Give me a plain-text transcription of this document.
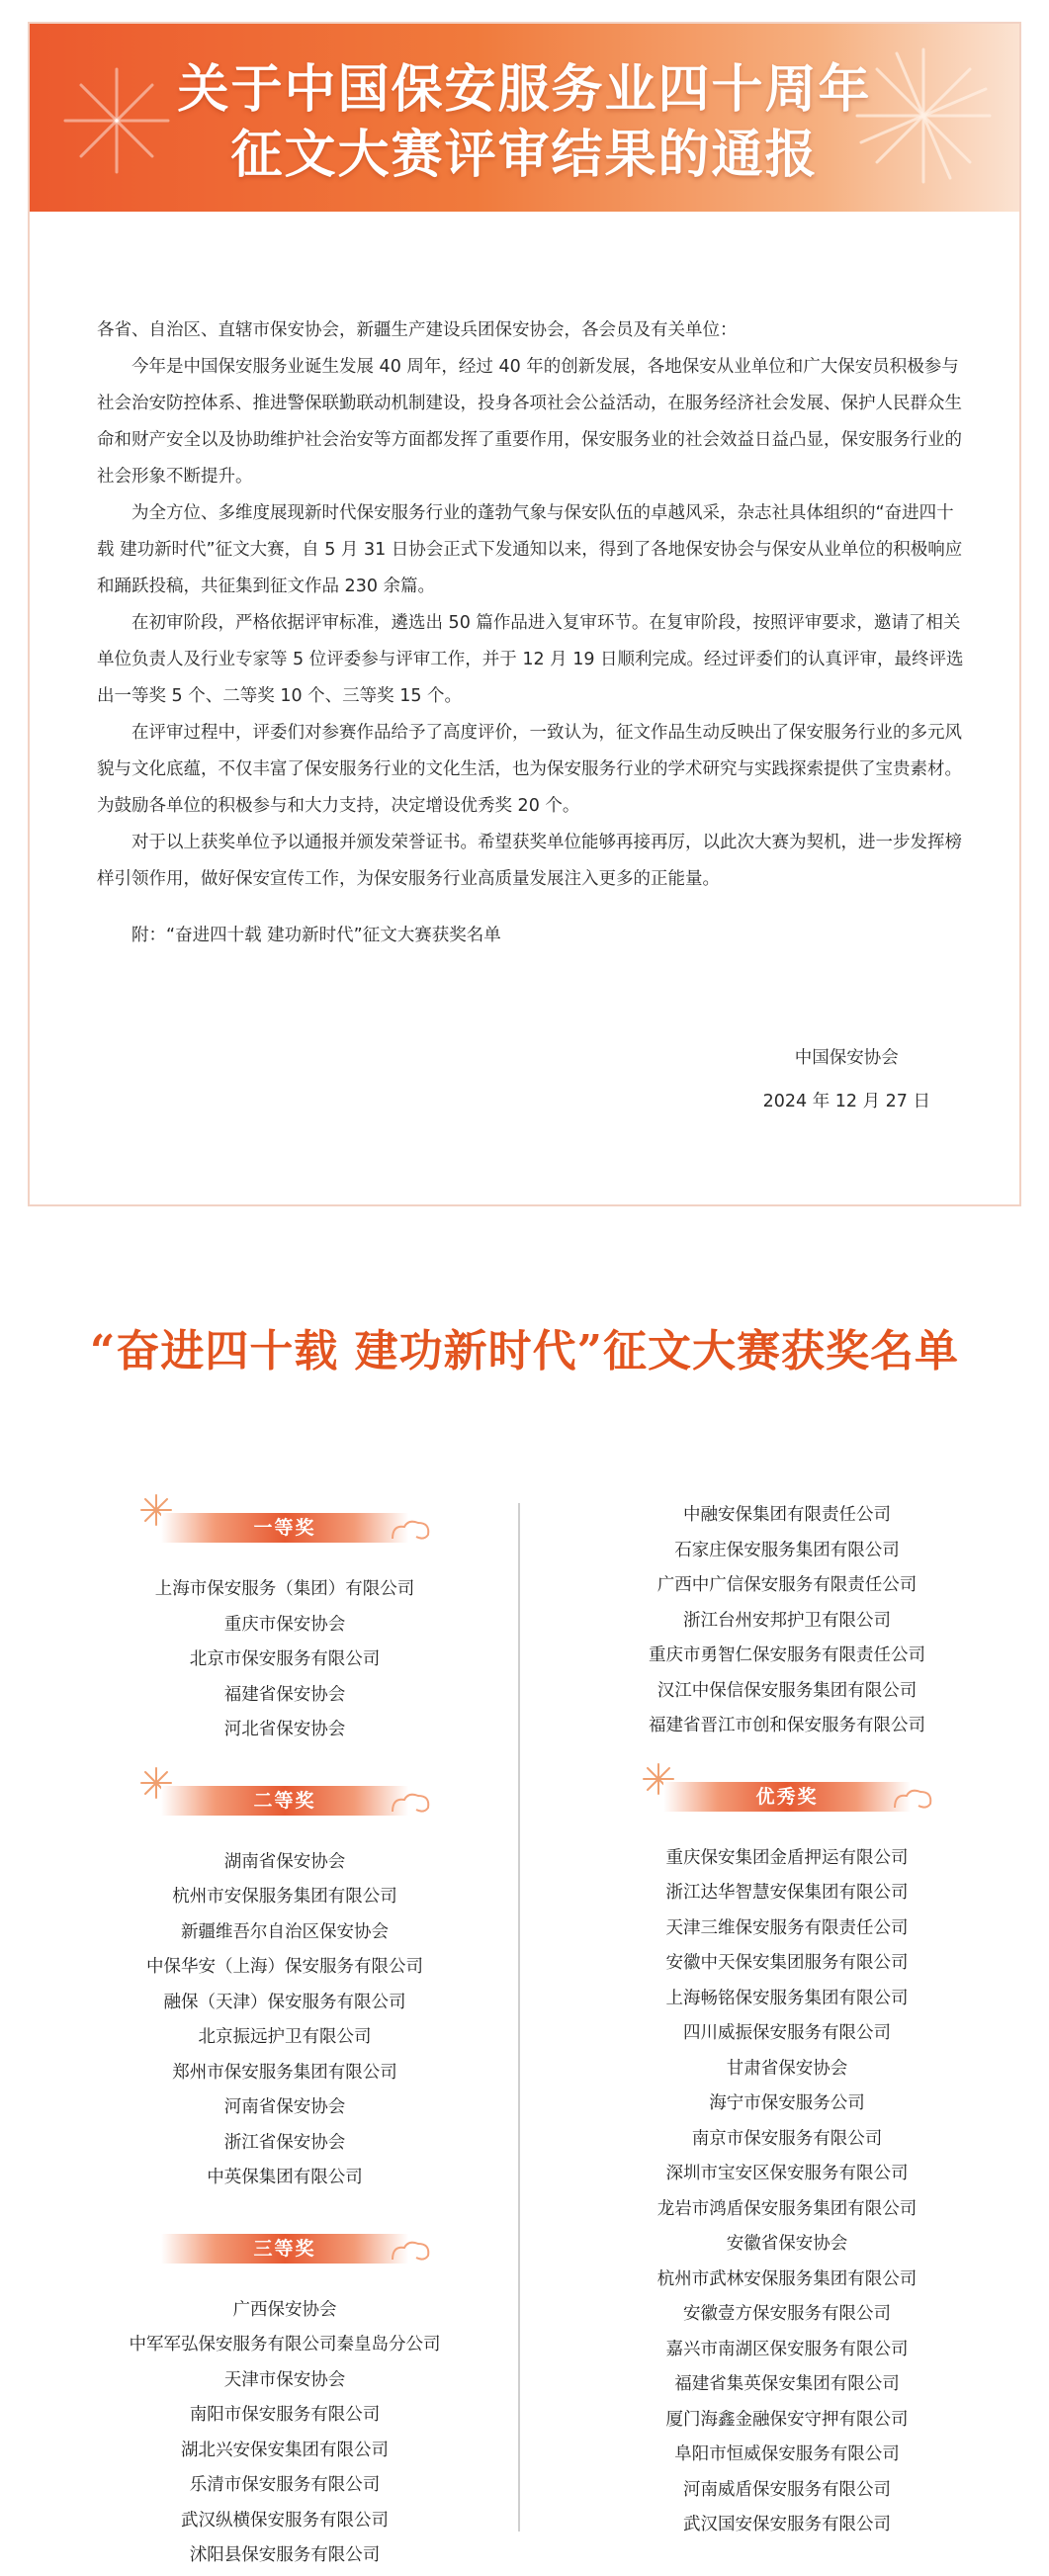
关于中国保安服务业四十周年
征文大赛评审结果的通报

各省、自治区、直辖市保安协会，新疆生产建设兵团保安协会，各会员及有关单位：

今年是中国保安服务业诞生发展 40 周年，经过 40 年的创新发展，各地保安从业单位和广大保安员积极参与社会治安防控体系、推进警保联勤联动机制建设，投身各项社会公益活动，在服务经济社会发展、保护人民群众生命和财产安全以及协助维护社会治安等方面都发挥了重要作用，保安服务业的社会效益日益凸显，保安服务行业的社会形象不断提升。

为全方位、多维度展现新时代保安服务行业的蓬勃气象与保安队伍的卓越风采，杂志社具体组织的“奋进四十载 建功新时代”征文大赛，自 5 月 31 日协会正式下发通知以来，得到了各地保安协会与保安从业单位的积极响应和踊跃投稿，共征集到征文作品 230 余篇。

在初审阶段，严格依据评审标准，遴选出 50 篇作品进入复审环节。在复审阶段，按照评审要求，邀请了相关单位负责人及行业专家等 5 位评委参与评审工作，并于 12 月 19 日顺利完成。经过评委们的认真评审，最终评选出一等奖 5 个、二等奖 10 个、三等奖 15 个。

在评审过程中，评委们对参赛作品给予了高度评价，一致认为，征文作品生动反映出了保安服务行业的多元风貌与文化底蕴，不仅丰富了保安服务行业的文化生活，也为保安服务行业的学术研究与实践探索提供了宝贵素材。为鼓励各单位的积极参与和大力支持，决定增设优秀奖 20 个。

对于以上获奖单位予以通报并颁发荣誉证书。希望获奖单位能够再接再厉，以此次大赛为契机，进一步发挥榜样引领作用，做好保安宣传工作，为保安服务行业高质量发展注入更多的正能量。

附：“奋进四十载 建功新时代”征文大赛获奖名单

中国保安协会
2024 年 12 月 27 日
“奋进四十载 建功新时代”征文大赛获奖名单
一等奖
上海市保安服务（集团）有限公司
重庆市保安协会
北京市保安服务有限公司
福建省保安协会
河北省保安协会
二等奖
湖南省保安协会
杭州市安保服务集团有限公司
新疆维吾尔自治区保安协会
中保华安（上海）保安服务有限公司
融保（天津）保安服务有限公司
北京振远护卫有限公司
郑州市保安服务集团有限公司
河南省保安协会
浙江省保安协会
中英保集团有限公司
三等奖
广西保安协会
中军军弘保安服务有限公司秦皇岛分公司
天津市保安协会
南阳市保安服务有限公司
湖北兴安保安集团有限公司
乐清市保安服务有限公司
武汉纵横保安服务有限公司
沭阳县保安服务有限公司
中融安保集团有限责任公司
石家庄保安服务集团有限公司
广西中广信保安服务有限责任公司
浙江台州安邦护卫有限公司
重庆市勇智仁保安服务有限责任公司
汉江中保信保安服务集团有限公司
福建省晋江市创和保安服务有限公司
优秀奖
重庆保安集团金盾押运有限公司
浙江达华智慧安保集团有限公司
天津三维保安服务有限责任公司
安徽中天保安集团服务有限公司
上海畅铭保安服务集团有限公司
四川威振保安服务有限公司
甘肃省保安协会
海宁市保安服务公司
南京市保安服务有限公司
深圳市宝安区保安服务有限公司
龙岩市鸿盾保安服务集团有限公司
安徽省保安协会
杭州市武林安保服务集团有限公司
安徽壹方保安服务有限公司
嘉兴市南湖区保安服务有限公司
福建省集英保安集团有限公司
厦门海鑫金融保安守押有限公司
阜阳市恒威保安服务有限公司
河南威盾保安服务有限公司
武汉国安保安服务有限公司
